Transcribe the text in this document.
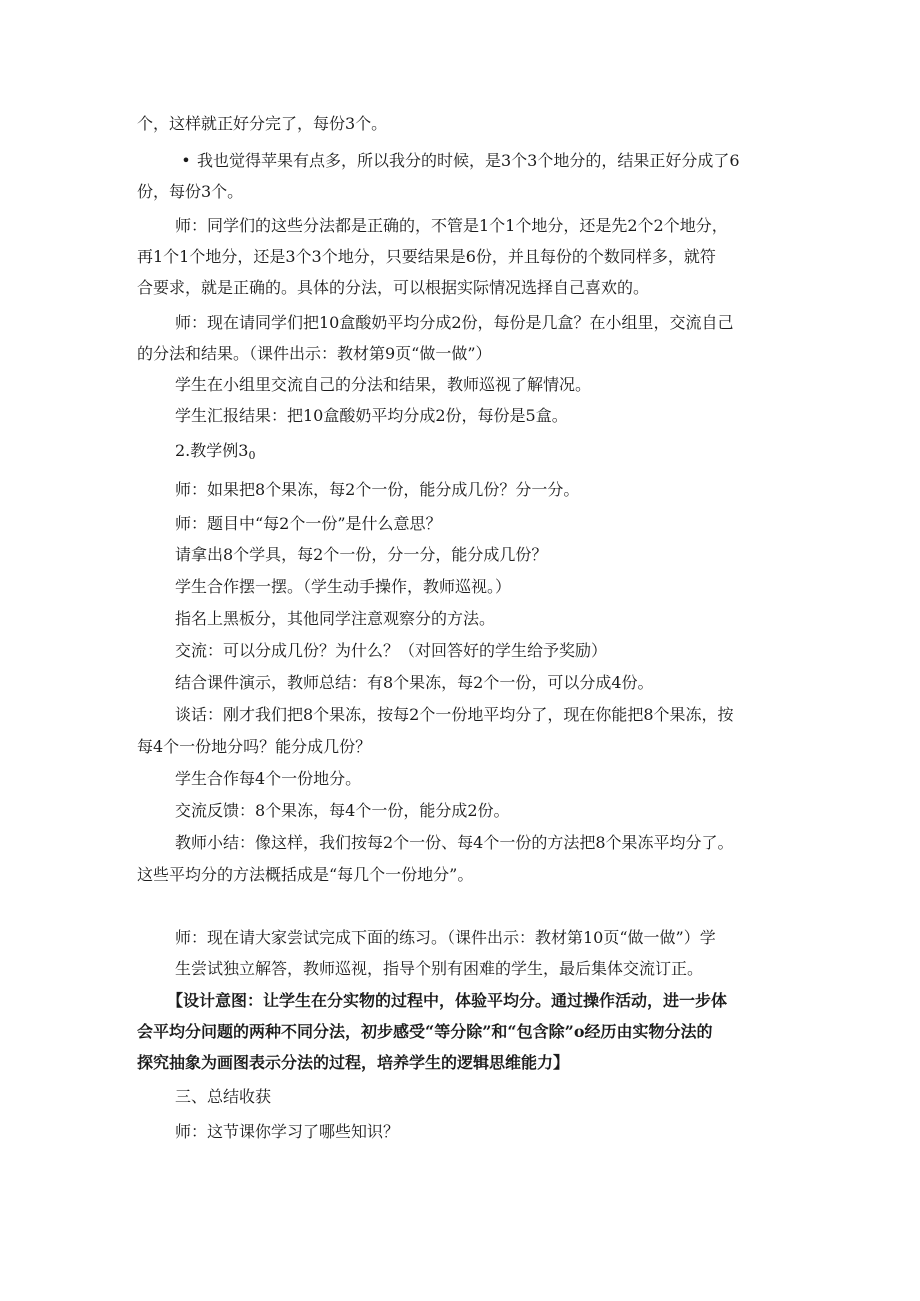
个，这样就正好分完了，每份3个。
• 我也觉得苹果有点多，所以我分的时候，是3个3个地分的，结果正好分成了6
份，每份3个。
师：同学们的这些分法都是正确的，不管是1个1个地分，还是先2个2个地分，
再1个1个地分，还是3个3个地分，只要结果是6份，并且每份的个数同样多，就符
合要求，就是正确的。具体的分法，可以根据实际情况选择自己喜欢的。
师：现在请同学们把10盒酸奶平均分成2份，每份是几盒？在小组里，交流自己
的分法和结果。（课件出示：教材第9页“做一做”）
学生在小组里交流自己的分法和结果，教师巡视了解情况。
学生汇报结果：把10盒酸奶平均分成2份，每份是5盒。
2.教学例$3_0$
师：如果把8个果冻，每2个一份，能分成几份？分一分。
师：题目中“每2个一份”是什么意思？
请拿出8个学具，每2个一份，分一分，能分成几份？
学生合作摆一摆。（学生动手操作，教师巡视。）
指名上黑板分，其他同学注意观察分的方法。
交流：可以分成几份？为什么？（对回答好的学生给予奖励）
结合课件演示，教师总结：有8个果冻，每2个一份，可以分成4份。
谈话：刚才我们把8个果冻，按每2个一份地平均分了，现在你能把8个果冻，按
每4个一份地分吗？能分成几份？
学生合作每4个一份地分。
交流反馈：8个果冻，每4个一份，能分成2份。
教师小结：像这样，我们按每2个一份、每4个一份的方法把8个果冻平均分了。
这些平均分的方法概括成是“每几个一份地分”。
师：现在请大家尝试完成下面的练习。（课件出示：教材第10页“做一做”）学
生尝试独立解答，教师巡视，指导个别有困难的学生，最后集体交流订正。
【设计意图：让学生在分实物的过程中，体验平均分。通过操作活动，进一步体
会平均分问题的两种不同分法，初步感受“等分除”和“包含除”o经历由实物分法的
探究抽象为画图表示分法的过程，培养学生的逻辑思维能力】
三、总结收获
师：这节课你学习了哪些知识？
